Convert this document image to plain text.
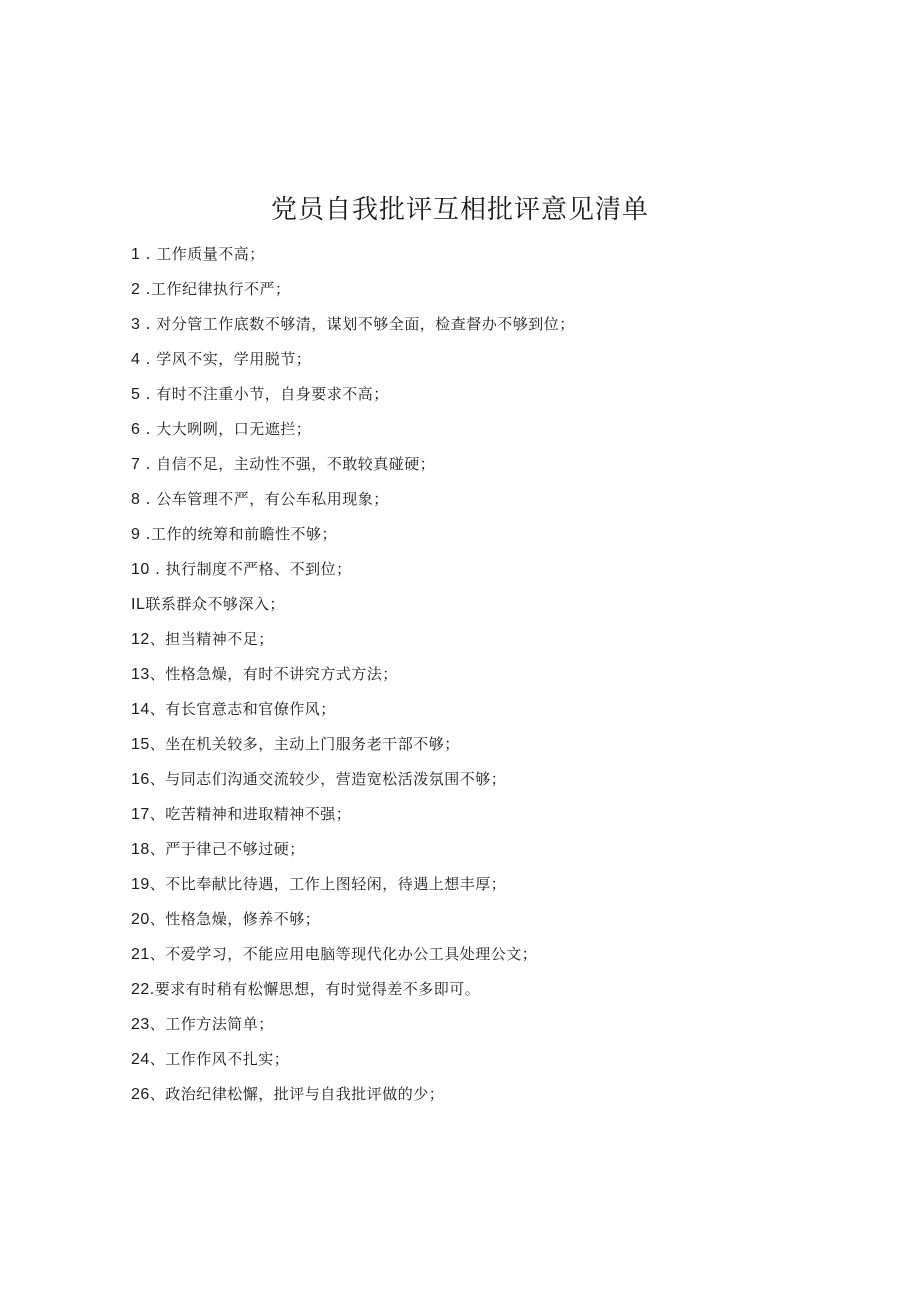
党员自我批评互相批评意见清单
1 . 工作质量不高；
2 .工作纪律执行不严；
3 . 对分管工作底数不够清，谋划不够全面，检查督办不够到位；
4 . 学风不实，学用脱节；
5 . 有时不注重小节，自身要求不高；
6 . 大大咧咧，口无遮拦；
7 . 自信不足，主动性不强，不敢较真碰硬；
8 . 公车管理不严，有公车私用现象；
9 .工作的统筹和前瞻性不够；
10 . 执行制度不严格、不到位；
IL联系群众不够深入；
12、担当精神不足；
13、性格急燥，有时不讲究方式方法；
14、有长官意志和官僚作风；
15、坐在机关较多，主动上门服务老干部不够；
16、与同志们沟通交流较少，营造宽松活泼氛围不够；
17、吃苦精神和进取精神不强；
18、严于律己不够过硬；
19、不比奉献比待遇，工作上图轻闲，待遇上想丰厚；
20、性格急燥，修养不够；
21、不爱学习，不能应用电脑等现代化办公工具处理公文；
22.要求有时稍有松懈思想，有时觉得差不多即可。
23、工作方法简单；
24、工作作风不扎实；
26、政治纪律松懈，批评与自我批评做的少；
